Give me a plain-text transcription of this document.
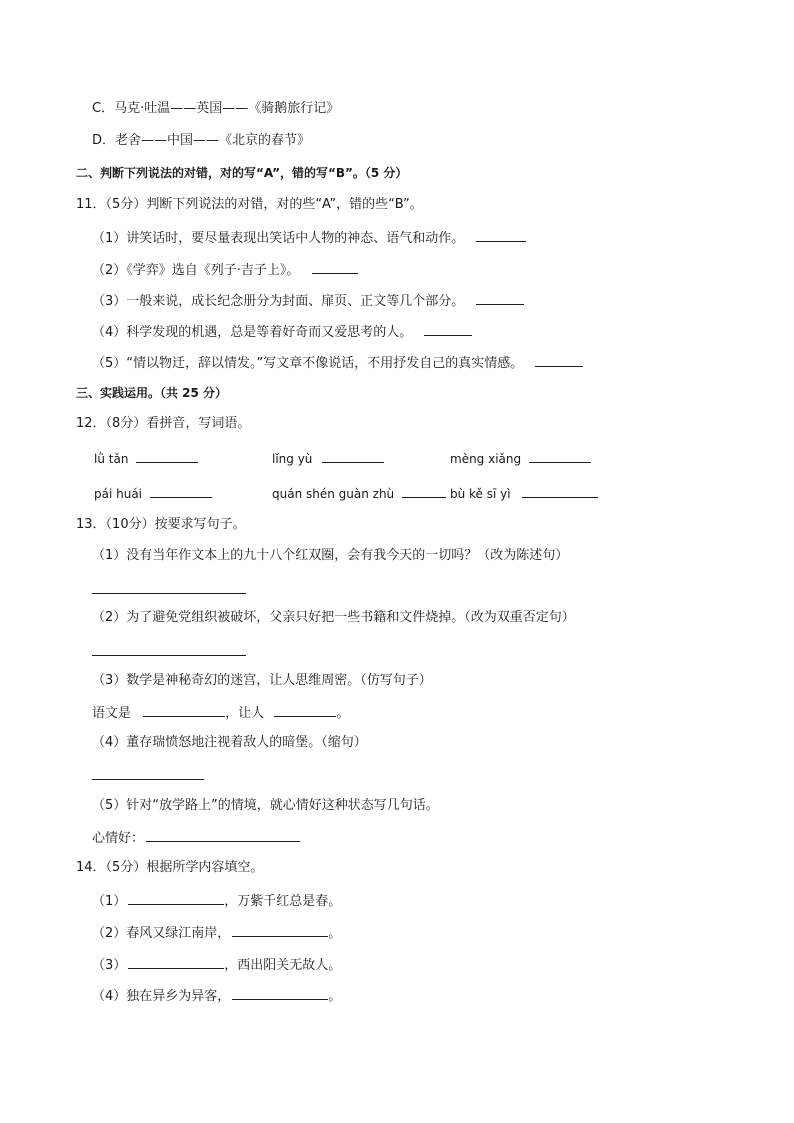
C．马克·吐温——英国——《骑鹅旅行记》
D．老舍——中国——《北京的春节》
二、判断下列说法的对错，对的写“A”，错的写“B”。（5 分）
11．（5分）判断下列说法的对错，对的些“A”，错的些“B”。
（1）讲笑话时，要尽量表现出笑话中人物的神态、语气和动作。
（2）《学弈》选自《列子·吉子上》。
（3）一般来说，成长纪念册分为封面、扉页、正文等几个部分。
（4）科学发现的机遇，总是等着好奇而又爱思考的人。
（5）“情以物迁，辞以情发。”写文章不像说话，不用抒发自己的真实情感。
三、实践运用。（共 25 分）
12．（8分）看拼音，写词语。
lǜ tǎn	lǐng yù	mèng xiǎng
pái huái	quán shén guàn zhù	bù kě sī yì
13．（10分）按要求写句子。
（1）没有当年作文本上的九十八个红双圈，会有我今天的一切吗？（改为陈述句）
（2）为了避免党组织被破坏，父亲只好把一些书籍和文件烧掉。（改为双重否定句）
（3）数学是神秘奇幻的迷宫，让人思维周密。（仿写句子）
语文是	，让人	。
（4）董存瑞愤怒地注视着敌人的暗堡。（缩句）
（5）针对“放学路上”的情境，就心情好这种状态写几句话。
心情好：
14．（5分）根据所学内容填空。
（1）	，万紫千红总是春。
（2）春风又绿江南岸，	。
（3）	，西出阳关无故人。
（4）独在异乡为异客，	。
